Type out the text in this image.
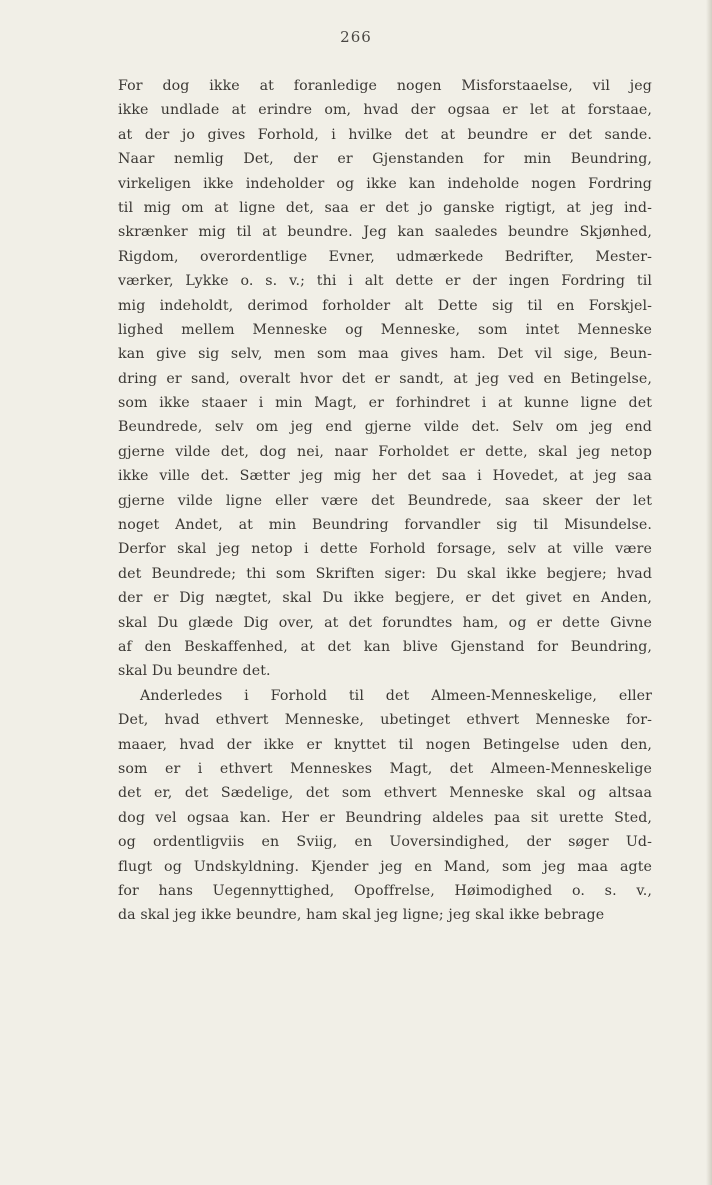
266
For dog ikke at foranledige nogen Misforstaaelse, vil jeg
ikke undlade at erindre om, hvad der ogsaa er let at forstaae,
at der jo gives Forhold, i hvilke det at beundre er det sande.
Naar nemlig Det, der er Gjenstanden for min Beundring,
virkeligen ikke indeholder og ikke kan indeholde nogen Fordring
til mig om at ligne det, saa er det jo ganske rigtigt, at jeg ind-
skrænker mig til at beundre. Jeg kan saaledes beundre Skjønhed,
Rigdom, overordentlige Evner, udmærkede Bedrifter, Mester-
værker, Lykke o. s. v.; thi i alt dette er der ingen Fordring til
mig indeholdt, derimod forholder alt Dette sig til en Forskjel-
lighed mellem Menneske og Menneske, som intet Menneske
kan give sig selv, men som maa gives ham. Det vil sige, Beun-
dring er sand, overalt hvor det er sandt, at jeg ved en Betingelse,
som ikke staaer i min Magt, er forhindret i at kunne ligne det
Beundrede, selv om jeg end gjerne vilde det. Selv om jeg end
gjerne vilde det, dog nei, naar Forholdet er dette, skal jeg netop
ikke ville det. Sætter jeg mig her det saa i Hovedet, at jeg saa
gjerne vilde ligne eller være det Beundrede, saa skeer der let
noget Andet, at min Beundring forvandler sig til Misundelse.
Derfor skal jeg netop i dette Forhold forsage, selv at ville være
det Beundrede; thi som Skriften siger: Du skal ikke begjere; hvad
der er Dig nægtet, skal Du ikke begjere, er det givet en Anden,
skal Du glæde Dig over, at det forundtes ham, og er dette Givne
af den Beskaffenhed, at det kan blive Gjenstand for Beundring,
skal Du beundre det.
Anderledes i Forhold til det Almeen-Menneskelige, eller
Det, hvad ethvert Menneske, ubetinget ethvert Menneske for-
maaer, hvad der ikke er knyttet til nogen Betingelse uden den,
som er i ethvert Menneskes Magt, det Almeen-Menneskelige
det er, det Sædelige, det som ethvert Menneske skal og altsaa
dog vel ogsaa kan. Her er Beundring aldeles paa sit urette Sted,
og ordentligviis en Sviig, en Uoversindighed, der søger Ud-
flugt og Undskyldning. Kjender jeg en Mand, som jeg maa agte
for hans Uegennyttighed, Opoffrelse, Høimodighed o. s. v.,
da skal jeg ikke beundre, ham skal jeg ligne; jeg skal ikke bebrage
